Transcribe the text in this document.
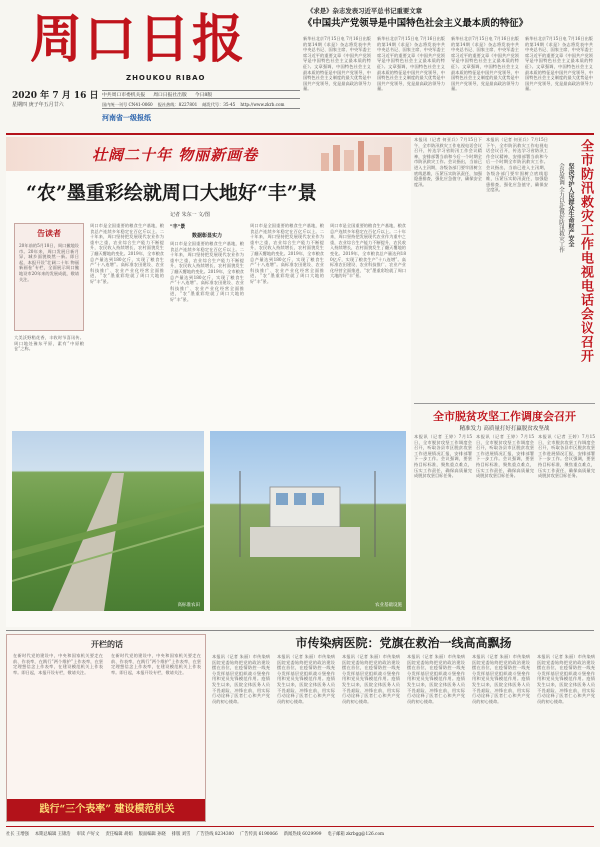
周口日报
ZHOUKOU RIBAO
2020 年 7 月 16 日
星期四 庚子年五月廿六
中共周口市委机关报 周口日报社出版 今日8版
国内统一刊号 CN41-0060 报社热线：8227801 邮发代号：35-45 http://www.zkrb.com
河南省一级报纸
《求是》杂志发表习近平总书记重要文章
《中国共产党领导是中国特色社会主义最本质的特征》
新华社北京7月15日电 7月16日出版的第14期《求是》杂志将发表中共中央总书记、国家主席、中央军委主席习近平的重要文章《中国共产党领导是中国特色社会主义最本质的特征》。文章强调，中国特色社会主义最本质的特征是中国共产党领导，中国特色社会主义制度的最大优势是中国共产党领导，党是最高政治领导力量。
新华社北京7月15日电 7月16日出版的第14期《求是》杂志将发表中共中央总书记、国家主席、中央军委主席习近平的重要文章《中国共产党领导是中国特色社会主义最本质的特征》。文章强调，中国特色社会主义最本质的特征是中国共产党领导，中国特色社会主义制度的最大优势是中国共产党领导，党是最高政治领导力量。
新华社北京7月15日电 7月16日出版的第14期《求是》杂志将发表中共中央总书记、国家主席、中央军委主席习近平的重要文章《中国共产党领导是中国特色社会主义最本质的特征》。文章强调，中国特色社会主义最本质的特征是中国共产党领导，中国特色社会主义制度的最大优势是中国共产党领导，党是最高政治领导力量。
新华社北京7月15日电 7月16日出版的第14期《求是》杂志将发表中共中央总书记、国家主席、中央军委主席习近平的重要文章《中国共产党领导是中国特色社会主义最本质的特征》。文章强调，中国特色社会主义最本质的特征是中国共产党领导，中国特色社会主义制度的最大优势是中国共产党领导，党是最高政治领导力量。
壮阔二十年 物丽新画卷
“农”墨重彩绘就周口大地好“丰”景
记者 朱东一 文/图
告读者
20年前的5月18日，周口撤地设市。20年来，周口发展日新月异，城乡面貌焕然一新。即日起，本报开设“壮阔二十年 物丽新画卷”专栏，全面展示周口撤地设市20年来的发展成就，敬请关注。
大美沃野稻花香，丰收时节喜讯传。周口地处豫东平原，素有“中原粮仓”之称。
周口市是全国重要的粮食生产基地，粮食总产连续多年稳定在百亿斤以上。二十年来，周口坚持把发展现代农业作为重中之重，农业综合生产能力不断提升，农民收入持续增长，农村面貌发生了翻天覆地的变化。2019年，全市粮食总产量达到180亿斤，实现了粮食生产“十八连增”。高标准农田建设、农业科技推广、农业产业化经营全面推进，“农”墨重彩绘就了周口大地的好“丰”景。
"丰"景
数据彰显实力
周口市是全国重要的粮食生产基地，粮食总产连续多年稳定在百亿斤以上。二十年来，周口坚持把发展现代农业作为重中之重，农业综合生产能力不断提升，农民收入持续增长，农村面貌发生了翻天覆地的变化。2019年，全市粮食总产量达到180亿斤，实现了粮食生产“十八连增”。高标准农田建设、农业科技推广、农业产业化经营全面推进，“农”墨重彩绘就了周口大地的好“丰”景。
周口市是全国重要的粮食生产基地，粮食总产连续多年稳定在百亿斤以上。二十年来，周口坚持把发展现代农业作为重中之重，农业综合生产能力不断提升，农民收入持续增长，农村面貌发生了翻天覆地的变化。2019年，全市粮食总产量达到180亿斤，实现了粮食生产“十八连增”。高标准农田建设、农业科技推广、农业产业化经营全面推进，“农”墨重彩绘就了周口大地的好“丰”景。
周口市是全国重要的粮食生产基地，粮食总产连续多年稳定在百亿斤以上。二十年来，周口坚持把发展现代农业作为重中之重，农业综合生产能力不断提升，农民收入持续增长，农村面貌发生了翻天覆地的变化。2019年，全市粮食总产量达到180亿斤，实现了粮食生产“十八连增”。高标准农田建设、农业科技推广、农业产业化经营全面推进，“农”墨重彩绘就了周口大地的好“丰”景。
高标准农田	农业基础设施
本报讯（记者 何亚兵）7月15日下午，全市防汛救灾工作电视电话会议召开，传达学习省防汛工作会议精神，安排部署当前和今后一个时期全市防汛救灾工作。会议指出，当前已进入主汛期，各级各部门要牢固树立底线思维，压紧压实防汛责任，加强隐患排查，强化应急值守，确保安全度汛。
本报讯（记者 何亚兵）7月15日下午，全市防汛救灾工作电视电话会议召开，传达学习省防汛工作会议精神，安排部署当前和今后一个时期全市防汛救灾工作。会议指出，当前已进入主汛期，各级各部门要牢固树立底线思维，压紧压实防汛责任，加强隐患排查，强化应急值守，确保安全度汛。	全市防汛救灾工作电视电话会议召开
坚决守护人民群众生命财产安全
会议强调 全力以赴做好防汛救灾工作
全市脱贫攻坚工作调度会召开
精准发力 高质量打好打赢脱贫攻坚战
本报讯（记者 王婷）7月15日，全市脱贫攻坚工作调度会召开，听取各县市区脱贫攻坚工作进展情况汇报，安排部署下一步工作。会议强调，要坚持目标标准，聚焦重点难点，压实工作责任，确保高质量完成脱贫攻坚目标任务。
本报讯（记者 王婷）7月15日，全市脱贫攻坚工作调度会召开，听取各县市区脱贫攻坚工作进展情况汇报，安排部署下一步工作。会议强调，要坚持目标标准，聚焦重点难点，压实工作责任，确保高质量完成脱贫攻坚目标任务。
本报讯（记者 王婷）7月15日，全市脱贫攻坚工作调度会召开，听取各县市区脱贫攻坚工作进展情况汇报，安排部署下一步工作。会议强调，要坚持目标标准，聚焦重点难点，压实工作责任，确保高质量完成脱贫攻坚目标任务。
开栏的话
在新时代党的建设中，中央和国家机关要走在前、作表率，在践行“两个维护”上作表率，在坚定理想信念上作表率，在建设模范机关上作表率。即日起，本报开设专栏，敬请关注。
在新时代党的建设中，中央和国家机关要走在前、作表率，在践行“两个维护”上作表率，在坚定理想信念上作表率，在建设模范机关上作表率。即日起，本报开设专栏，敬请关注。
践行“三个表率” 建设模范机关
市传染病医院：党旗在救治一线高高飘扬
本报讯（记者 朱丽）市传染病医院党委始终把党的政治建设摆在首位，在疫情防控一线充分发挥基层党组织战斗堡垒作用和党员先锋模范作用。疫情发生以来，医院全体医务人员不畏艰险、冲锋在前，用实际行动诠释了医者仁心和共产党员的初心使命。
本报讯（记者 朱丽）市传染病医院党委始终把党的政治建设摆在首位，在疫情防控一线充分发挥基层党组织战斗堡垒作用和党员先锋模范作用。疫情发生以来，医院全体医务人员不畏艰险、冲锋在前，用实际行动诠释了医者仁心和共产党员的初心使命。
本报讯（记者 朱丽）市传染病医院党委始终把党的政治建设摆在首位，在疫情防控一线充分发挥基层党组织战斗堡垒作用和党员先锋模范作用。疫情发生以来，医院全体医务人员不畏艰险、冲锋在前，用实际行动诠释了医者仁心和共产党员的初心使命。
本报讯（记者 朱丽）市传染病医院党委始终把党的政治建设摆在首位，在疫情防控一线充分发挥基层党组织战斗堡垒作用和党员先锋模范作用。疫情发生以来，医院全体医务人员不畏艰险、冲锋在前，用实际行动诠释了医者仁心和共产党员的初心使命。
本报讯（记者 朱丽）市传染病医院党委始终把党的政治建设摆在首位，在疫情防控一线充分发挥基层党组织战斗堡垒作用和党员先锋模范作用。疫情发生以来，医院全体医务人员不畏艰险、冲锋在前，用实际行动诠释了医者仁心和共产党员的初心使命。
本报讯（记者 朱丽）市传染病医院党委始终把党的政治建设摆在首位，在疫情防控一线充分发挥基层党组织战斗堡垒作用和党员先锋模范作用。疫情发生以来，医院全体医务人员不畏艰险、冲锋在前，用实际行动诠释了医者仁心和共产党员的初心使命。
社长 王增强 本期总编辑 王锦浩 审读 卢好文 责任编辑 胡娟 版面编辑 孙晓 排版 刘雪 广告热线 8234300 广告传真 6190066 新闻热线 6029999 电子邮箱 zkrbgg@126.com
